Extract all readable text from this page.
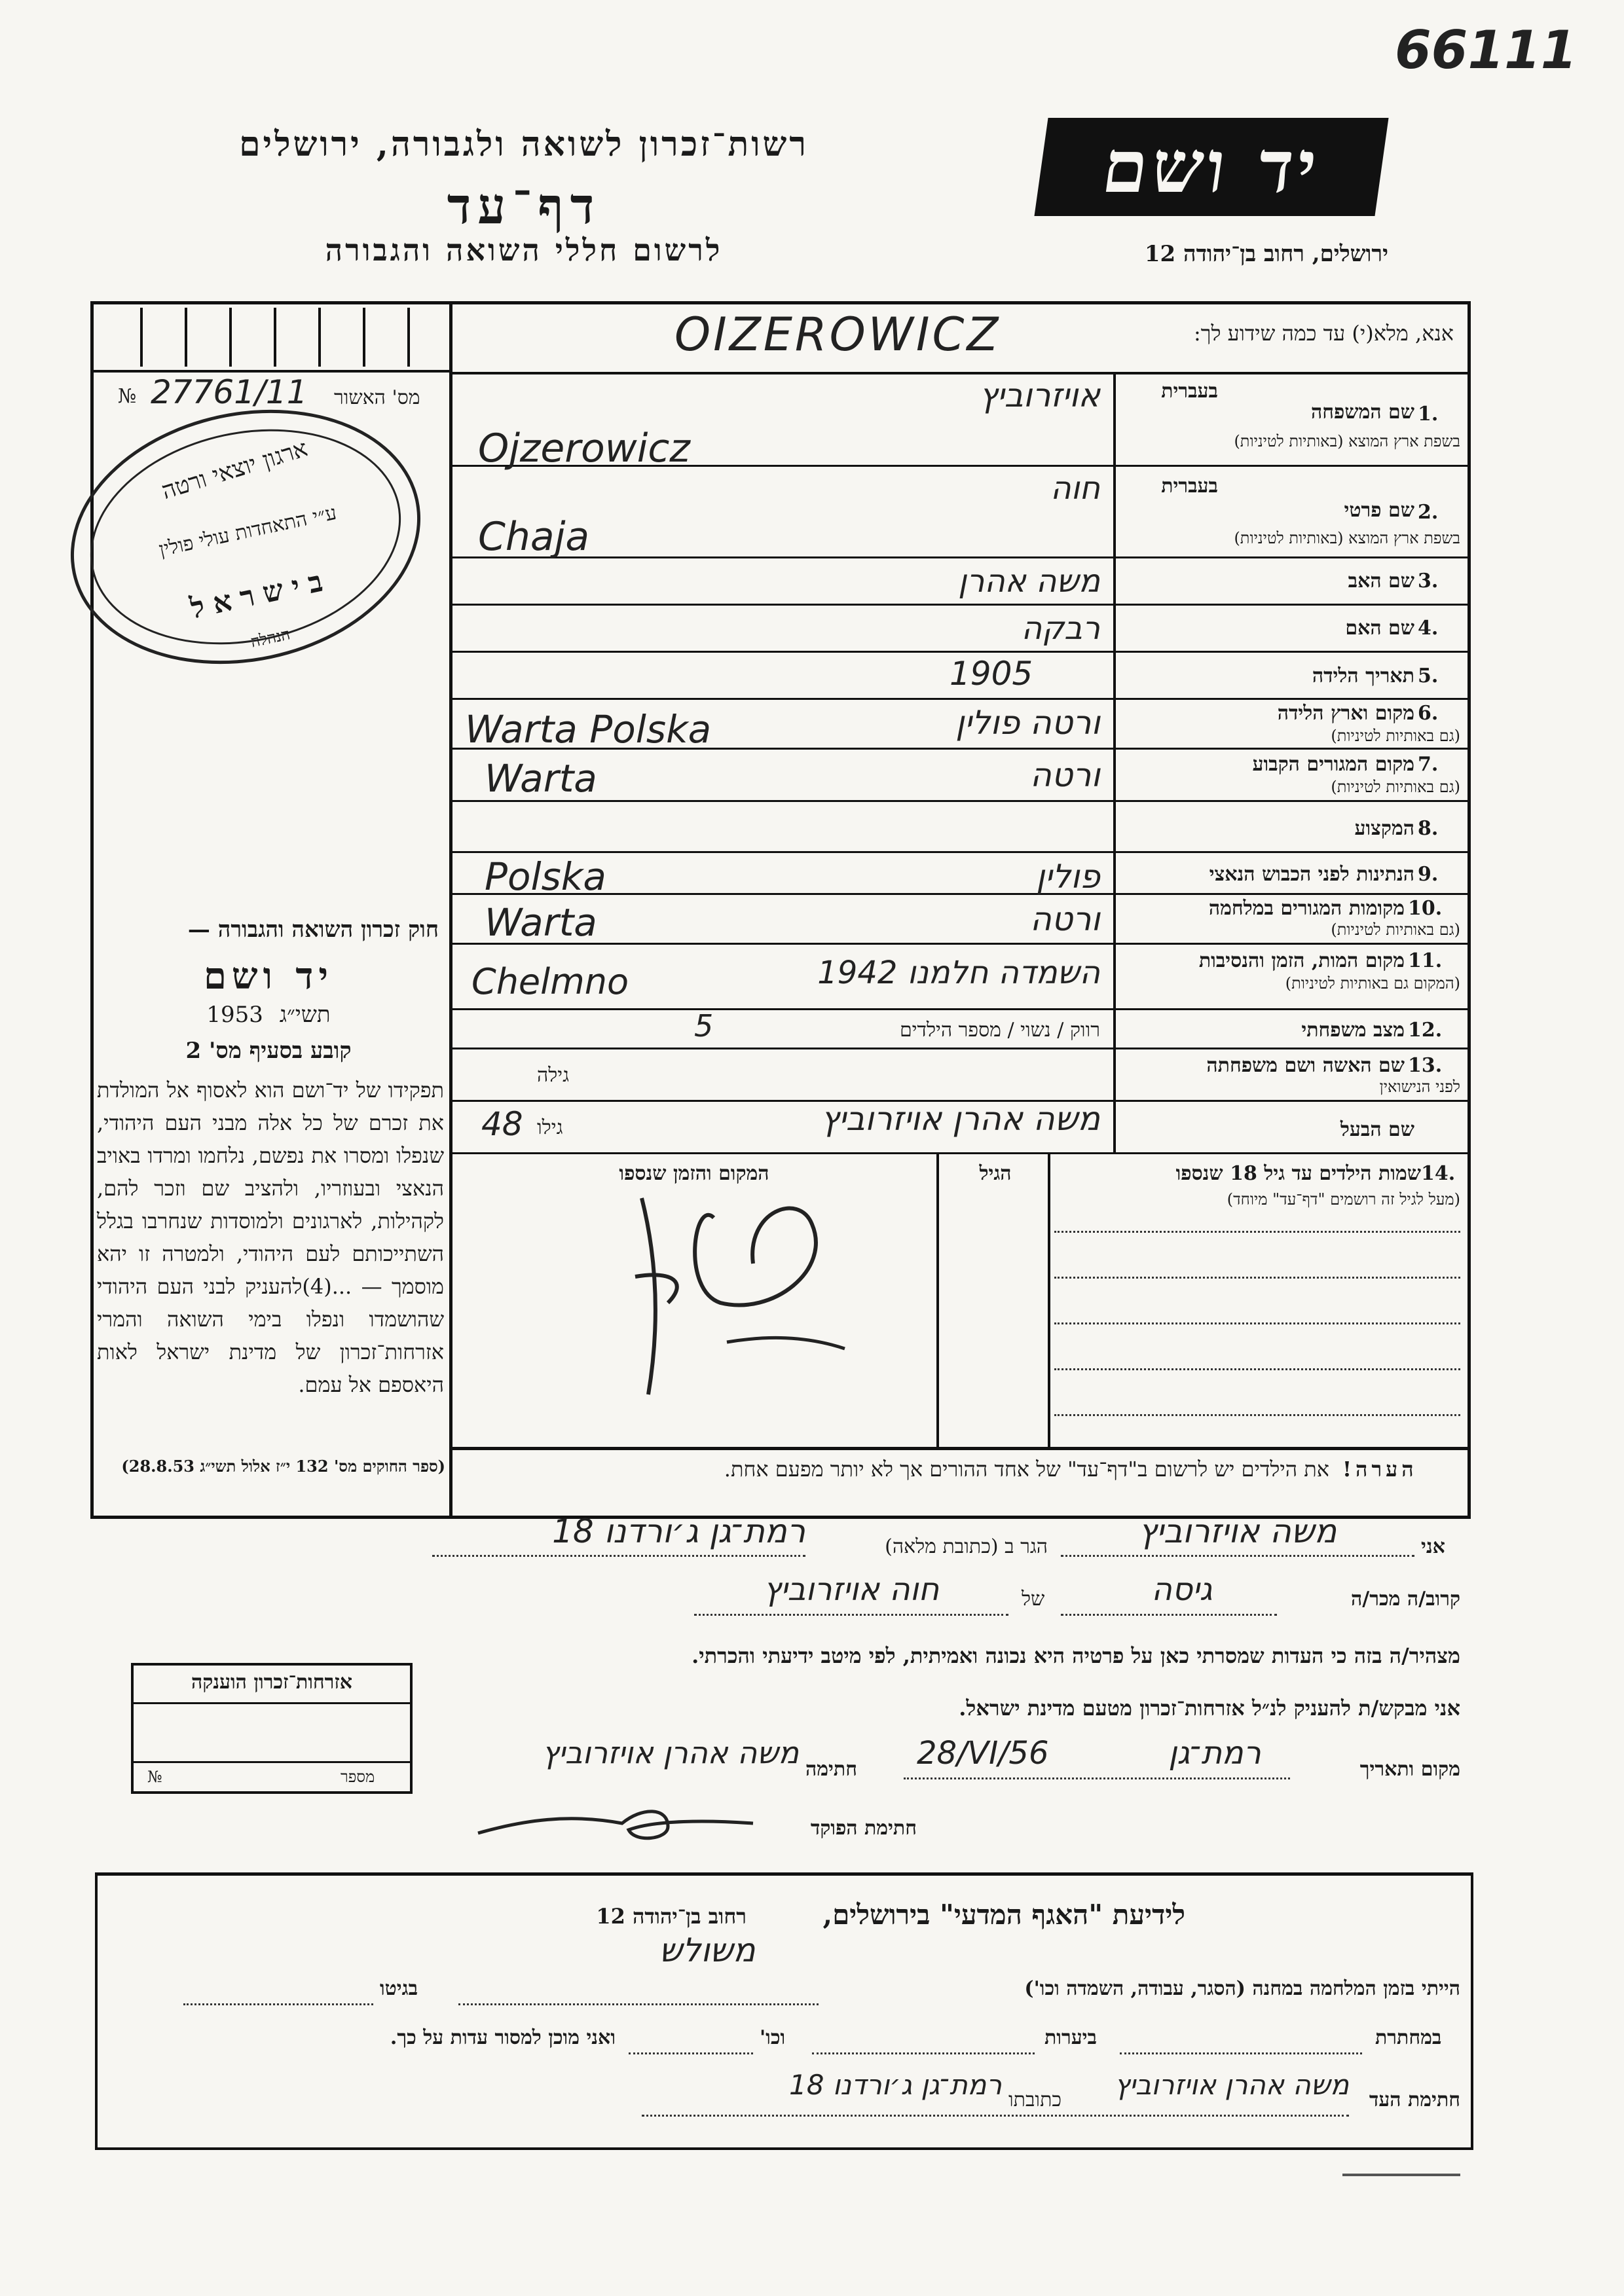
66111
רשות־זכרון לשואה ולגבורה, ירושלים
דף־עד
לרשום חללי השואה והגבורה
יד ושם
ירושלים, רחוב בן־יהודה 12
№ 27761/11 מס' האשור
ארגון יוצאי ורטה
ע״י התאחדות עולי פולין
בישראל
הנהלה
חוק זכרון השואה והגבורה —
יד ושם
1953 תשי״ג
קובע בסעיף מס' 2
תפקידו של יד־ושם הוא לאסוף אל המולדת את זכרם של כל אלה מבני העם היהודי, שנפלו ומסרו את נפשם, נלחמו ומרדו באויב הנאצי ובעוזריו, ולהציב שם וזכר להם, לקהילות, לארגונים ולמוסדות שנחרבו בגלל השתייכותם לעם היהודי, ולמטרה זו יהא מוסמך — ...(4)להעניק לבני העם היהודי שהושמדו ונפלו בימי השואה והמרי אזרחות־זכרון של מדינת ישראל לאות היאספם אל עמם.
(ספר החוקים מס' 132 י״ז אלול תשי״ג 28.8.53)
אנא, מלא(י) עד כמה שידוע לך:
OIZEROWICZ
1.
שם המשפחה
בשפת ארץ המוצא (באותיות לטיניות)
בעברית
אויזרוביץ
Ojzerowicz
2.
שם פרטי
בשפת ארץ המוצא (באותיות לטיניות)
בעברית
חוה
Chaja
3.
שם האב
משה אהרן
4.
שם האם
רבקה
5.
תאריך הלידה
1905
6.
מקום וארץ הלידה
(גם באותיות לטיניות)
ורטה פולין
Warta Polska
7.
מקום המגורים הקבוע
(גם באותיות לטיניות)
ורטה
Warta
8.
המקצוע
9.
הנתינות לפני הכבוש הנאצי
פולין
Polska
10.
מקומות המגורים במלחמה
(גם באותיות לטיניות)
ורטה
Warta
11.
מקום המות, הזמן והנסיבות
(המקום גם באותיות לטיניות)
השמדה חלמנו 1942
Chelmno
12.
מצב משפחתי
רווק / נשוי / מספר הילדים
5
13.
שם האשה ושם משפחתה
לפני הנישואין
גילה
שם הבעל
משה אהרן אויזרוביץ
גילו
48
14.
שמות הילדים עד גיל 18 שנספו
(מעל לגיל זה רושמים "דף־עד" מיוחד)
הגיל
המקום והזמן שנספו
הערה!
את הילדים יש לרשום ב"דף־עד" של אחד ההורים אך לא יותר מפעם אחת.
אני
משה אויזרוביץ
הגר ב (כתובת מלאה)
רמת־גן ג׳ורדנו 18
קרוב/ה מכר/ה
גיסה
של
חוה אויזרוביץ
מצהיר/ה בזה כי העדות שמסרתי כאן על פרטיה היא נכונה ואמיתית, לפי מיטב ידיעתי והכרתי.
אני מבקש/ת להעניק לנ״ל אזרחות־זכרון מטעם מדינת ישראל.
מקום ותאריך
רמת־גן
28/VI/56
חתימה
משה אהרן אויזרוביץ
חתימת הפוקד
אזרחות־זכרון הוענקה
מספר
№
לידיעת "האגף המדעי" בירושלים,
רחוב בן־יהודה 12
משולש
הייתי בזמן המלחמה במחנה (הסגר, עבודה, השמדה וכו')
בגיטו
במחתרת
ביערות
וכו'
ואני מוכן למסור עדות על כך.
חתימת העד
משה אהרן אויזרוביץ
כתובתו
רמת־גן ג׳ורדנו 18
